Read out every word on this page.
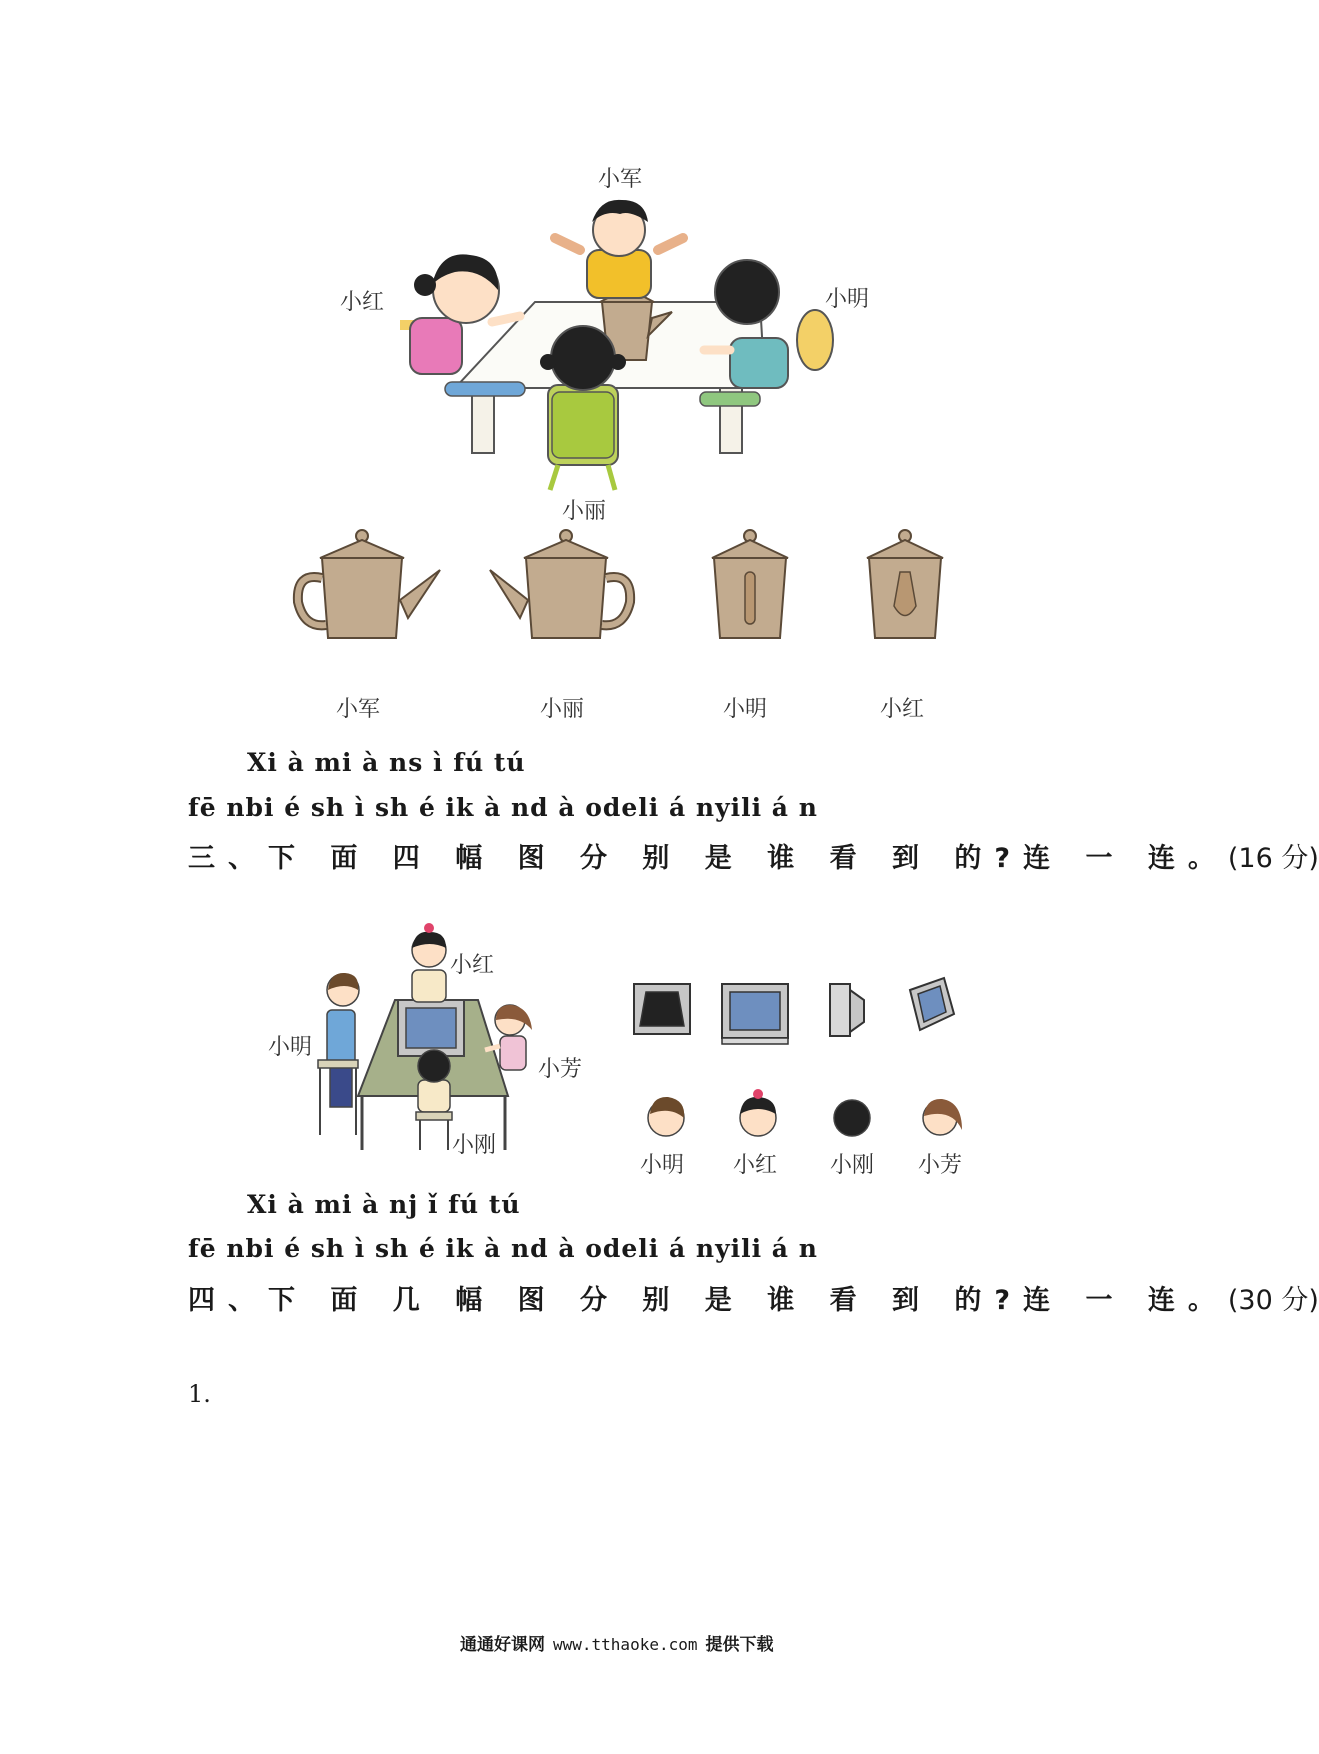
小军
小红	小明
小丽
小军	小丽	小明	小红
Xi à mi à ns ì fú tú
fē nbi é sh ì sh é ik à nd à odeli á nyili á n
三、下 面 四 幅 图 分 别 是 谁 看 到 的?连 一 连。(16 分)
小红
小明
小芳
小刚
小明 小红 小刚 小芳
Xi à mi à nj ǐ fú tú
fē nbi é sh ì sh é ik à nd à odeli á nyili á n
四、下 面 几 幅 图 分 别 是 谁 看 到 的?连 一 连。(30 分)
1.
通通好课网 www.tthaoke.com 提供下载
